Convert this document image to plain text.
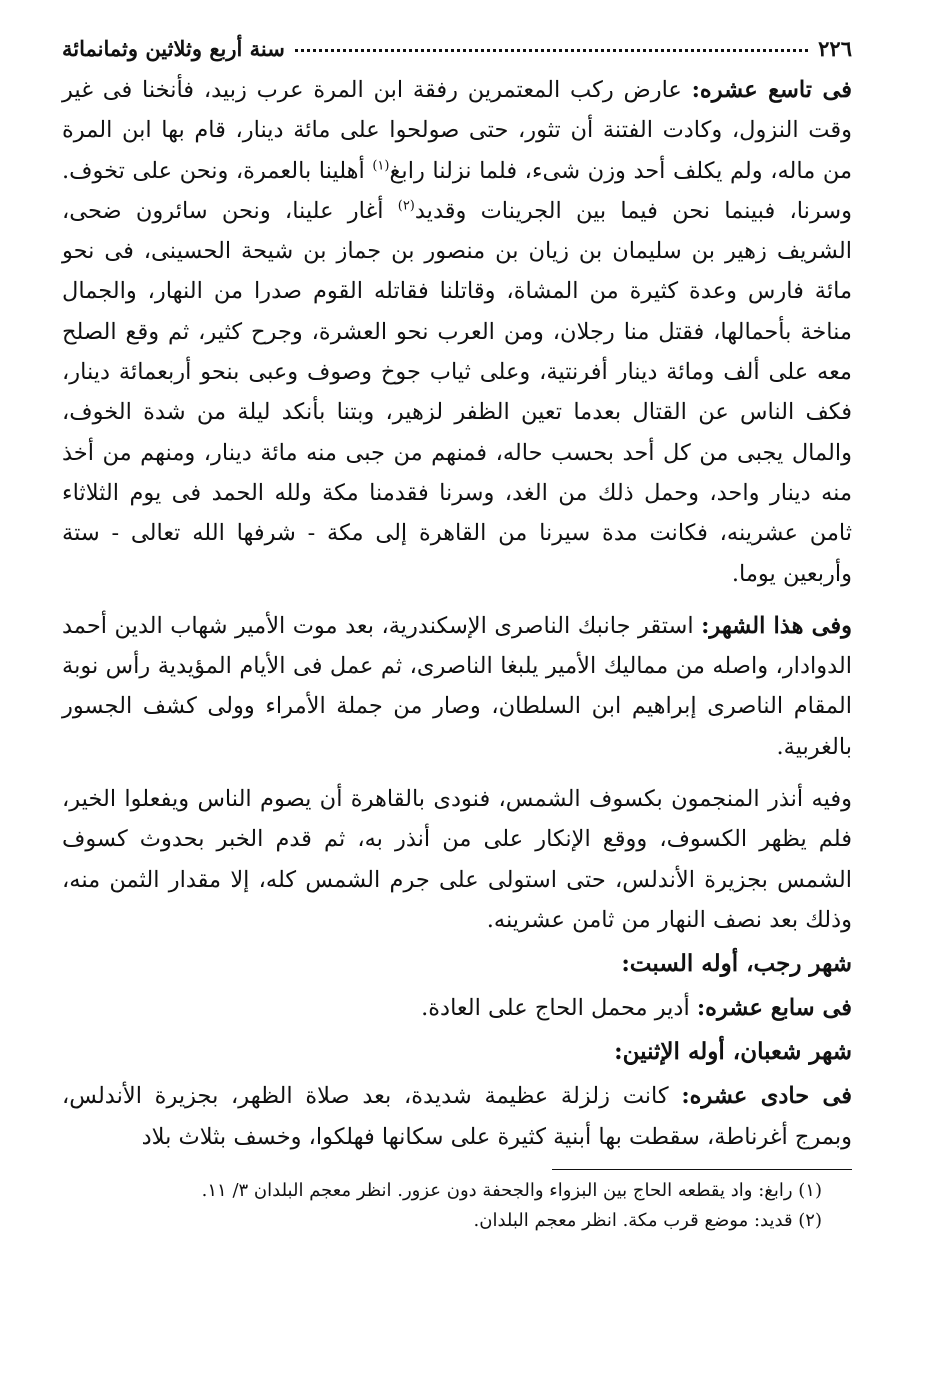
٢٢٦
سنة أربع وثلاثين وثمانمائة

فى تاسع عشره: عارض ركب المعتمرين رفقة ابن المرة عرب زبيد، فأنخنا فى غير وقت النزول، وكادت الفتنة أن تثور، حتى صولحوا على مائة دينار، قام بها ابن المرة من ماله، ولم يكلف أحد وزن شىء، فلما نزلنا رابغ$^{(١)}$ أهلينا بالعمرة، ونحن على تخوف. وسرنا، فبينما نحن فيما بين الجرينات وقديد$^{(٢)}$ أغار علينا، ونحن سائرون ضحى، الشريف زهير بن سليمان بن زيان بن منصور بن جماز بن شيحة الحسينى، فى نحو مائة فارس وعدة كثيرة من المشاة، وقاتلنا فقاتله القوم صدرا من النهار، والجمال مناخة بأحمالها، فقتل منا رجلان، ومن العرب نحو العشرة، وجرح كثير، ثم وقع الصلح معه على ألف ومائة دينار أفرنتية، وعلى ثياب جوخ وصوف وعبى بنحو أربعمائة دينار، فكف الناس عن القتال بعدما تعين الظفر لزهير، وبتنا بأنكد ليلة من شدة الخوف، والمال يجبى من كل أحد بحسب حاله، فمنهم من جبى منه مائة دينار، ومنهم من أخذ منه دينار واحد، وحمل ذلك من الغد، وسرنا فقدمنا مكة ولله الحمد فى يوم الثلاثاء ثامن عشرينه، فكانت مدة سيرنا من القاهرة إلى مكة - شرفها الله تعالى - ستة وأربعين يوما.

وفى هذا الشهر: استقر جانبك الناصرى الإسكندرية، بعد موت الأمير شهاب الدين أحمد الدوادار، واصله من مماليك الأمير يلبغا الناصرى، ثم عمل فى الأيام المؤيدية رأس نوبة المقام الناصرى إبراهيم ابن السلطان، وصار من جملة الأمراء وولى كشف الجسور بالغربية.

وفيه أنذر المنجمون بكسوف الشمس، فنودى بالقاهرة أن يصوم الناس ويفعلوا الخير، فلم يظهر الكسوف، ووقع الإنكار على من أنذر به، ثم قدم الخبر بحدوث كسوف الشمس بجزيرة الأندلس، حتى استولى على جرم الشمس كله، إلا مقدار الثمن منه، وذلك بعد نصف النهار من ثامن عشرينه.

شهر رجب، أوله السبت:

فى سابع عشره: أدير محمل الحاج على العادة.

شهر شعبان، أوله الإثنين:

فى حادى عشره: كانت زلزلة عظيمة شديدة، بعد صلاة الظهر، بجزيرة الأندلس، وبمرج أغرناطة، سقطت بها أبنية كثيرة على سكانها فهلكوا، وخسف بثلاث بلاد

(١) رابغ: واد يقطعه الحاج بين البزواء والجحفة دون عزور. انظر معجم البلدان ٣/ ١١.

(٢) قديد: موضع قرب مكة. انظر معجم البلدان.
